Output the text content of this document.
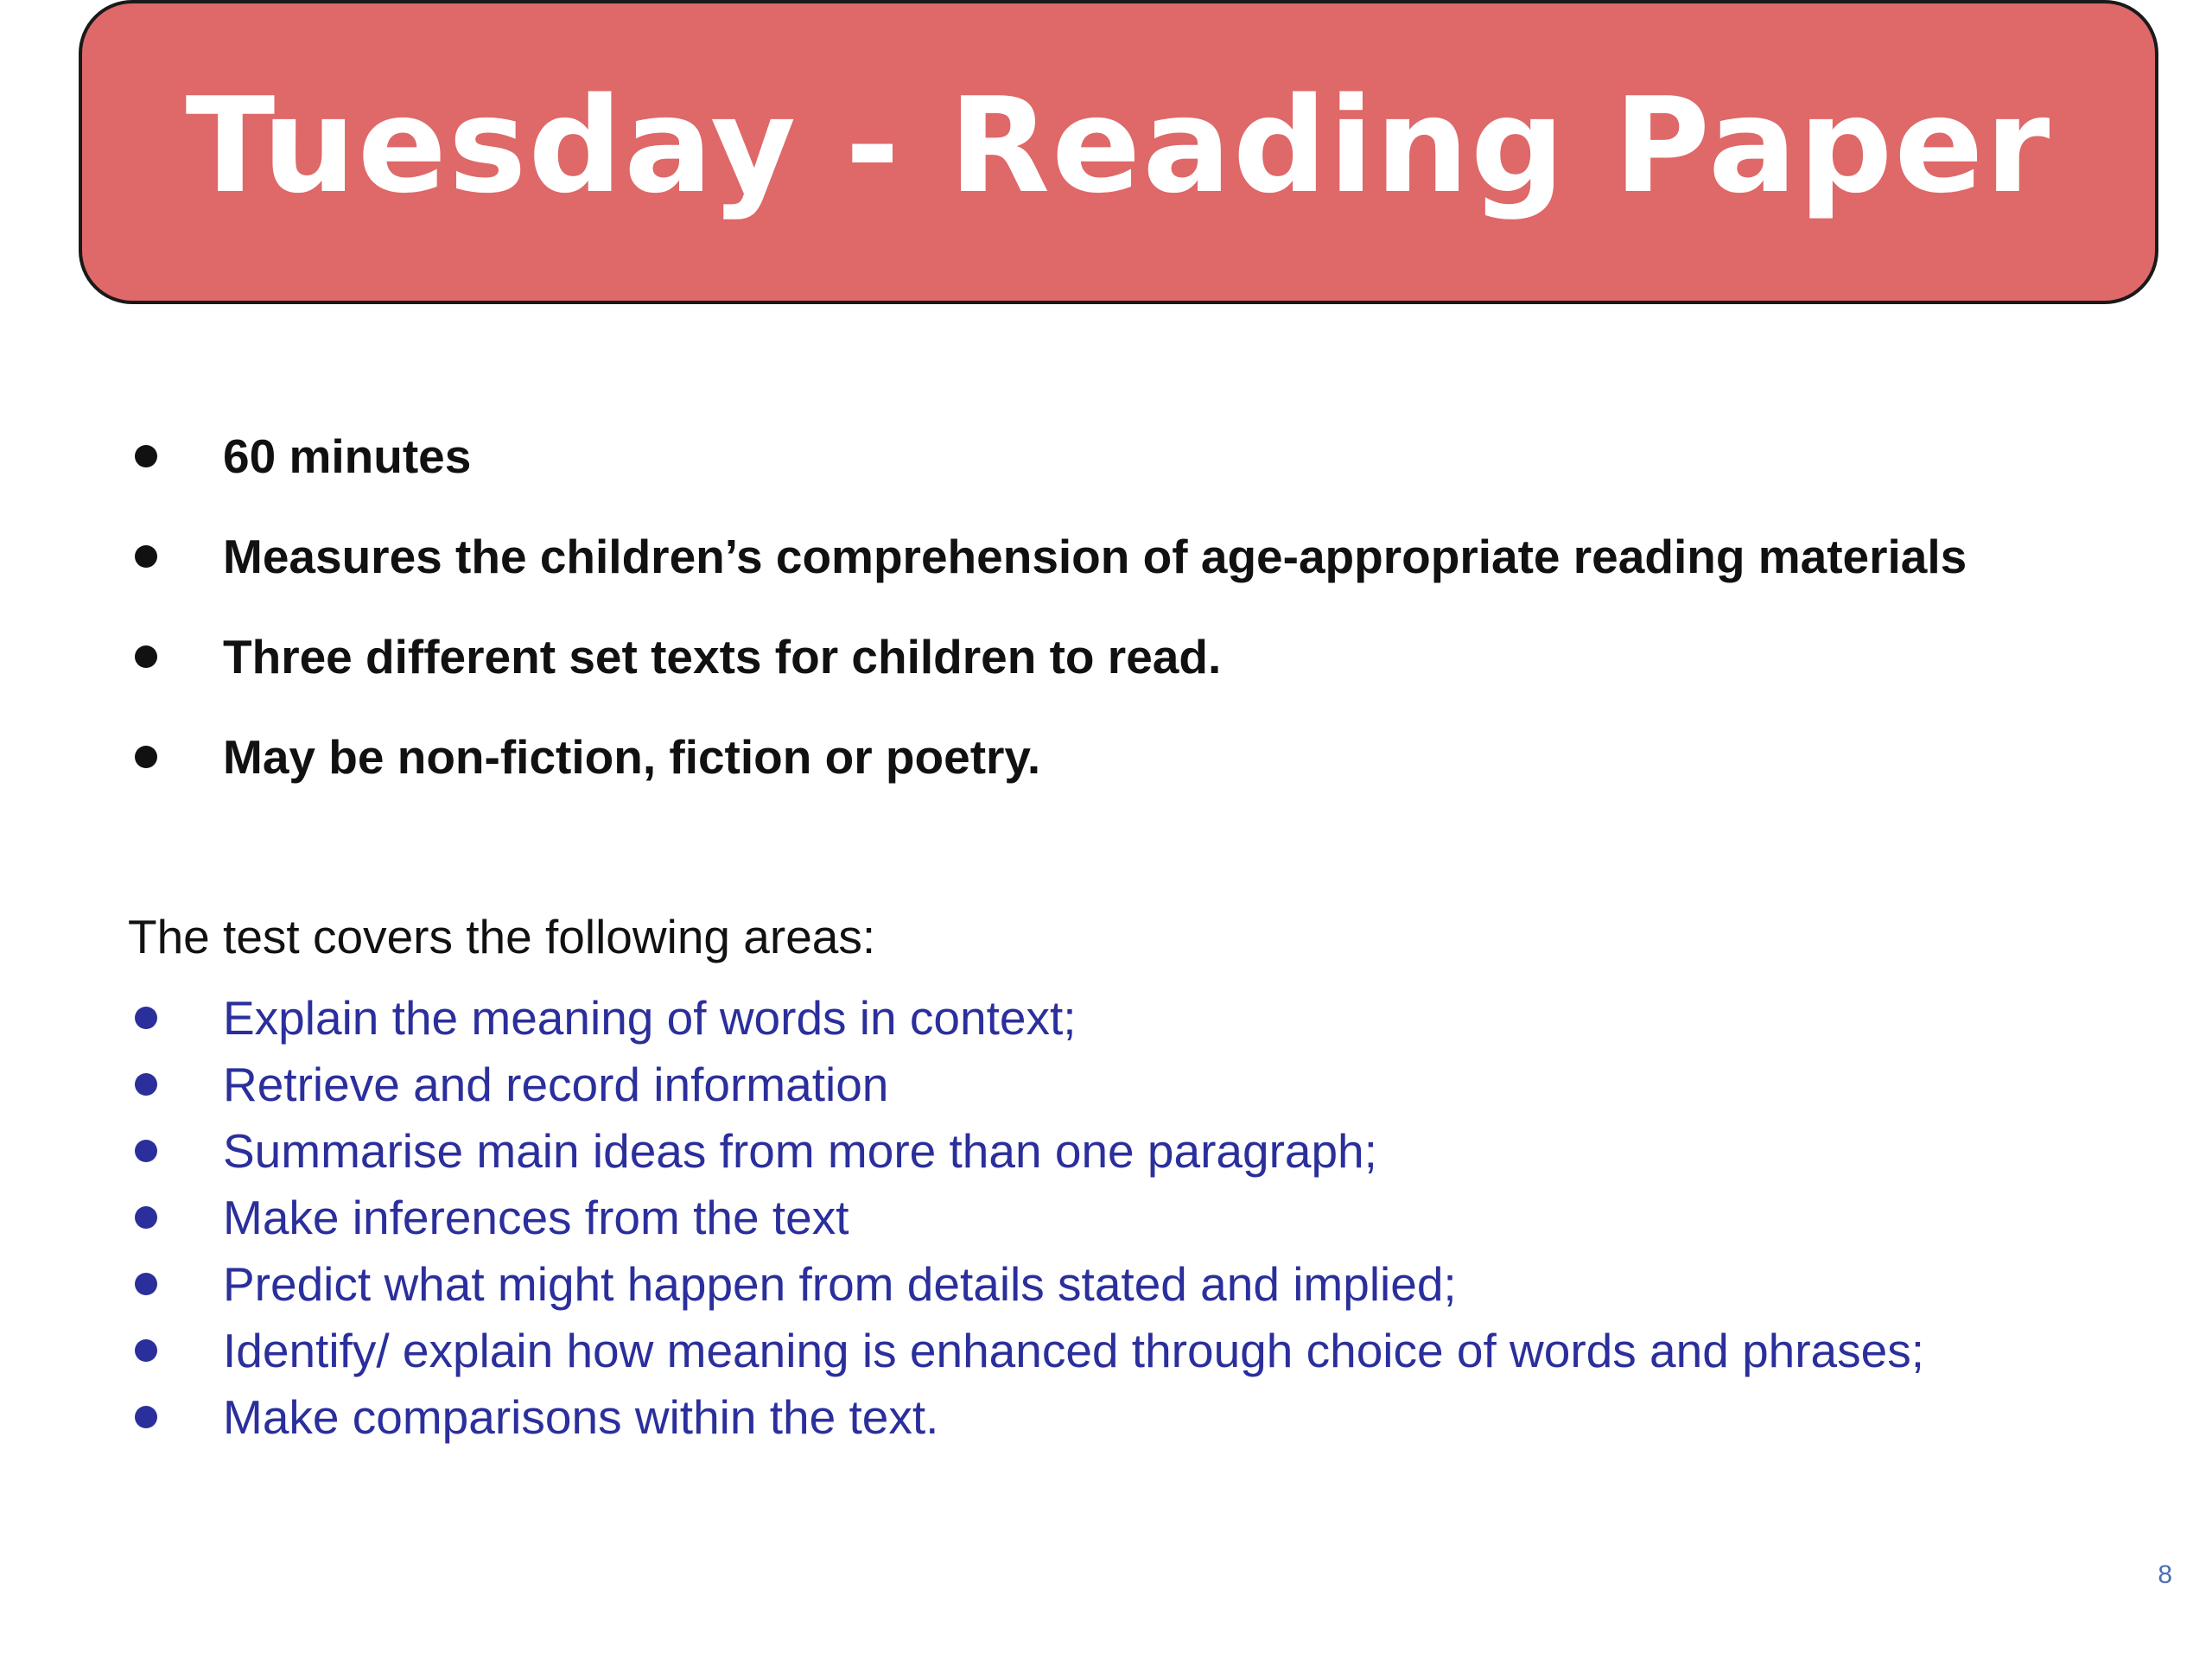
Tuesday - Reading Paper
60 minutes
Measures the children’s comprehension of age-appropriate reading materials
Three different set texts for children to read.
May be non-fiction, fiction or poetry.
The test covers the following areas:
Explain the meaning of words in context;
Retrieve and record information
Summarise main ideas from more than one paragraph;
Make inferences from the text
Predict what might happen from details stated and implied;
Identify/ explain how meaning is enhanced through choice of words and phrases;
Make comparisons within the text.
8
